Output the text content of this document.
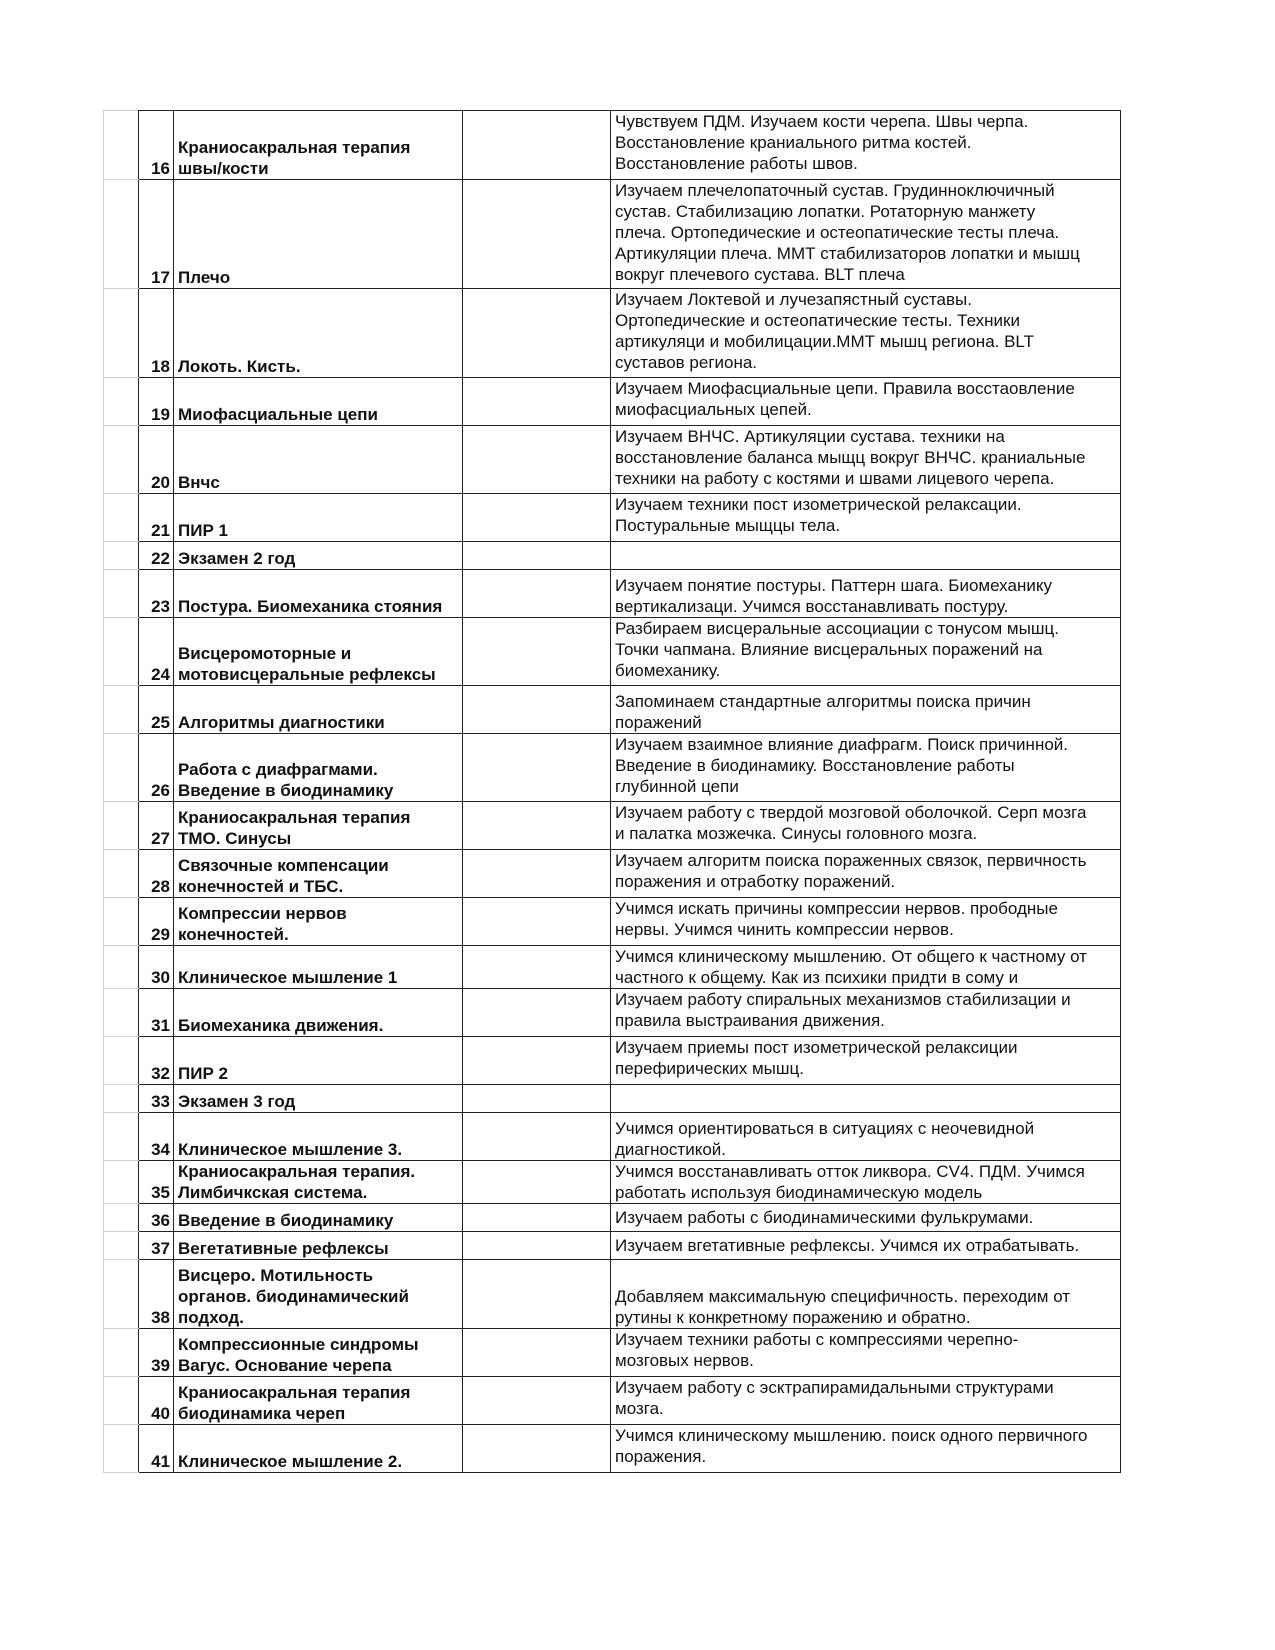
	16	Краниосакральная терапия
швы/кости		Чувствуем ПДМ. Изучаем кости черепа. Швы черпа.
Восстановление краниального ритма костей.
Восстановление работы швов.
	17	Плечо		Изучаем плечелопаточный сустав. Грудинноключичный
сустав. Стабилизацию лопатки. Ротаторную манжету
плеча. Ортопедические и остеопатические тесты плеча.
Артикуляции плеча. ММТ стабилизаторов лопатки и мышц
вокруг плечевого сустава. BLT плеча
	18	Локоть. Кисть.		Изучаем Локтевой и лучезапястный суставы.
Ортопедические и остеопатические тесты. Техники
артикуляци и мобилицации.ММТ мышц региона. BLT
суставов региона.
	19	Миофасциальные цепи		Изучаем Миофасциальные цепи. Правила восстаовление
миофасциальных цепей.
	20	Внчс		Изучаем ВНЧС. Артикуляции сустава. техники на
восстановление баланса мыщц вокруг ВНЧС. краниальные
техники на работу с костями и швами лицевого черепа.
	21	ПИР 1		Изучаем техники пост изометрической релаксации.
Постуральные мыщцы тела.
	22	Экзамен 2 год		
	23	Постура. Биомеханика стояния		Изучаем понятие постуры. Паттерн шага. Биомеханику
вертикализаци. Учимся восстанавливать постуру.
	24	Висцеромоторные и
мотовисцеральные рефлексы		Разбираем висцеральные ассоциации с тонусом мышц.
Точки чапмана. Влияние висцеральных поражений на
биомеханику.
	25	Алгоритмы диагностики		Запоминаем стандартные алгоритмы поиска причин
поражений
	26	Работа с диафрагмами.
Введение в биодинамику		Изучаем взаимное влияние диафрагм. Поиск причинной.
Введение в биодинамику. Восстановление работы
глубинной цепи
	27	Краниосакральная терапия
ТМО. Синусы		Изучаем работу с твердой мозговой оболочкой. Серп мозга
и палатка мозжечка. Синусы головного мозга.
	28	Связочные компенсации
конечностей и ТБС.		Изучаем алгоритм поиска пораженных связок, первичность
поражения и отработку поражений.
	29	Компрессии нервов
конечностей.		Учимся искать причины компрессии нервов. прободные
нервы. Учимся чинить компрессии нервов.
	30	Клиническое мышление 1		Учимся клиническому мышлению. От общего к частному от
частного к общему. Как из психики придти в сому и
	31	Биомеханика движения.		Изучаем работу спиральных механизмов стабилизации и
правила выстраивания движения.
	32	ПИР 2		Изучаем приемы пост изометрической релаксиции
перефирических мышц.
	33	Экзамен 3 год		
	34	Клиническое мышление 3.		Учимся ориентироваться в ситуациях с неочевидной
диагностикой.
	35	Краниосакральная терапия.
Лимбичкская система.		Учимся восстанавливать отток ликвора. CV4. ПДМ. Учимся
работать используя биодинамическую модель
	36	Введение в биодинамику		Изучаем работы с биодинамическими фулькрумами.
	37	Вегетативные рефлексы		Изучаем вгетативные рефлексы. Учимся их отрабатывать.
	38	Висцеро. Мотильность
органов. биодинамический
подход.		Добавляем максимальную специфичность. переходим от
рутины к конкретному поражению и обратно.
	39	Компрессионные синдромы
Вагус. Основание черепа		Изучаем техники работы с компрессиями черепно-
мозговых нервов.
	40	Краниосакральная терапия
биодинамика череп		Изучаем работу с эсктрапирамидальными структурами
мозга.
	41	Клиническое мышление 2.		Учимся клиническому мышлению. поиск одного первичного
поражения.
